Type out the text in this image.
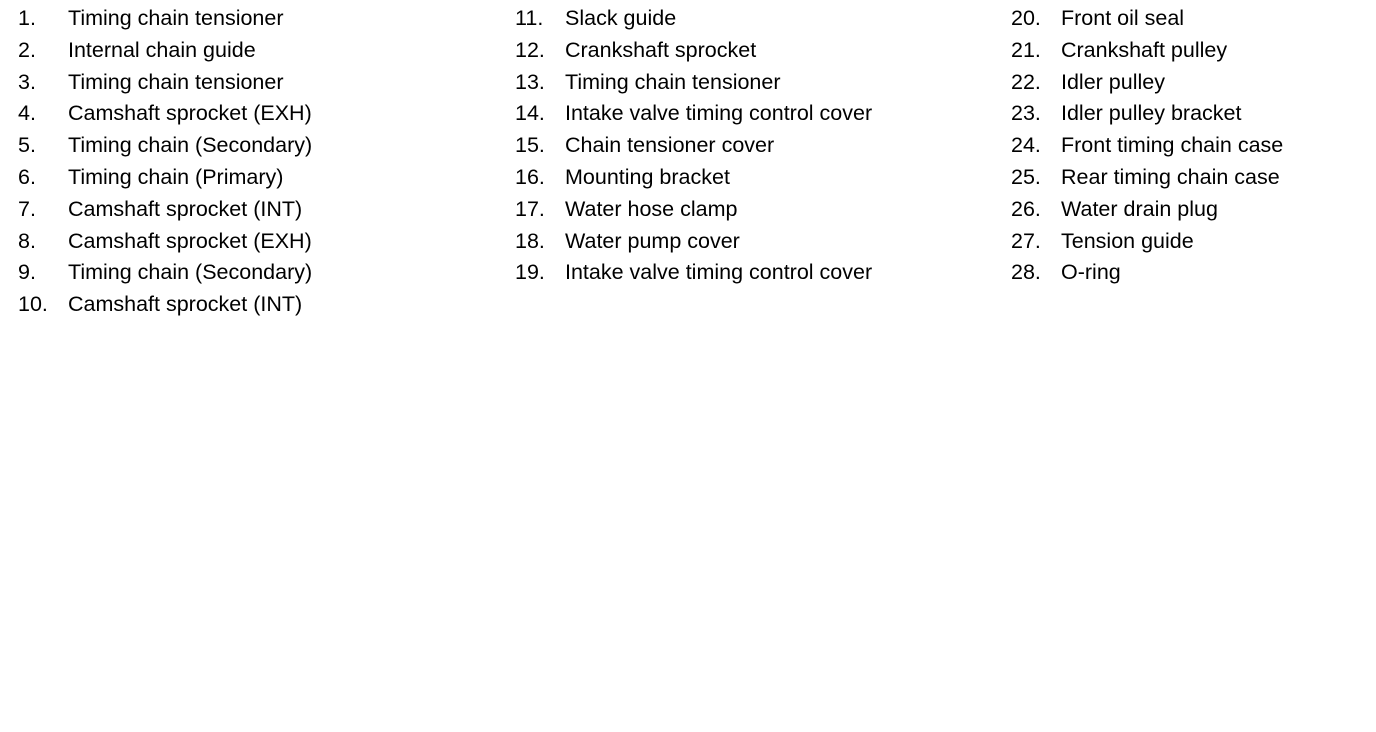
1.	Timing chain tensioner
2.	Internal chain guide
3.	Timing chain tensioner
4.	Camshaft sprocket (EXH)
5.	Timing chain (Secondary)
6.	Timing chain (Primary)
7.	Camshaft sprocket (INT)
8.	Camshaft sprocket (EXH)
9.	Timing chain (Secondary)
10. Camshaft sprocket (INT)
11.	Slack guide
12. Crankshaft sprocket
13. Timing chain tensioner
14. Intake valve timing control cover
15. Chain tensioner cover
16. Mounting bracket
17. Water hose clamp
18. Water pump cover
19. Intake valve timing control cover
20. Front oil seal
21. Crankshaft pulley
22. Idler pulley
23. Idler pulley bracket
24. Front timing chain case
25. Rear timing chain case
26. Water drain plug
27. Tension guide
28. O-ring
